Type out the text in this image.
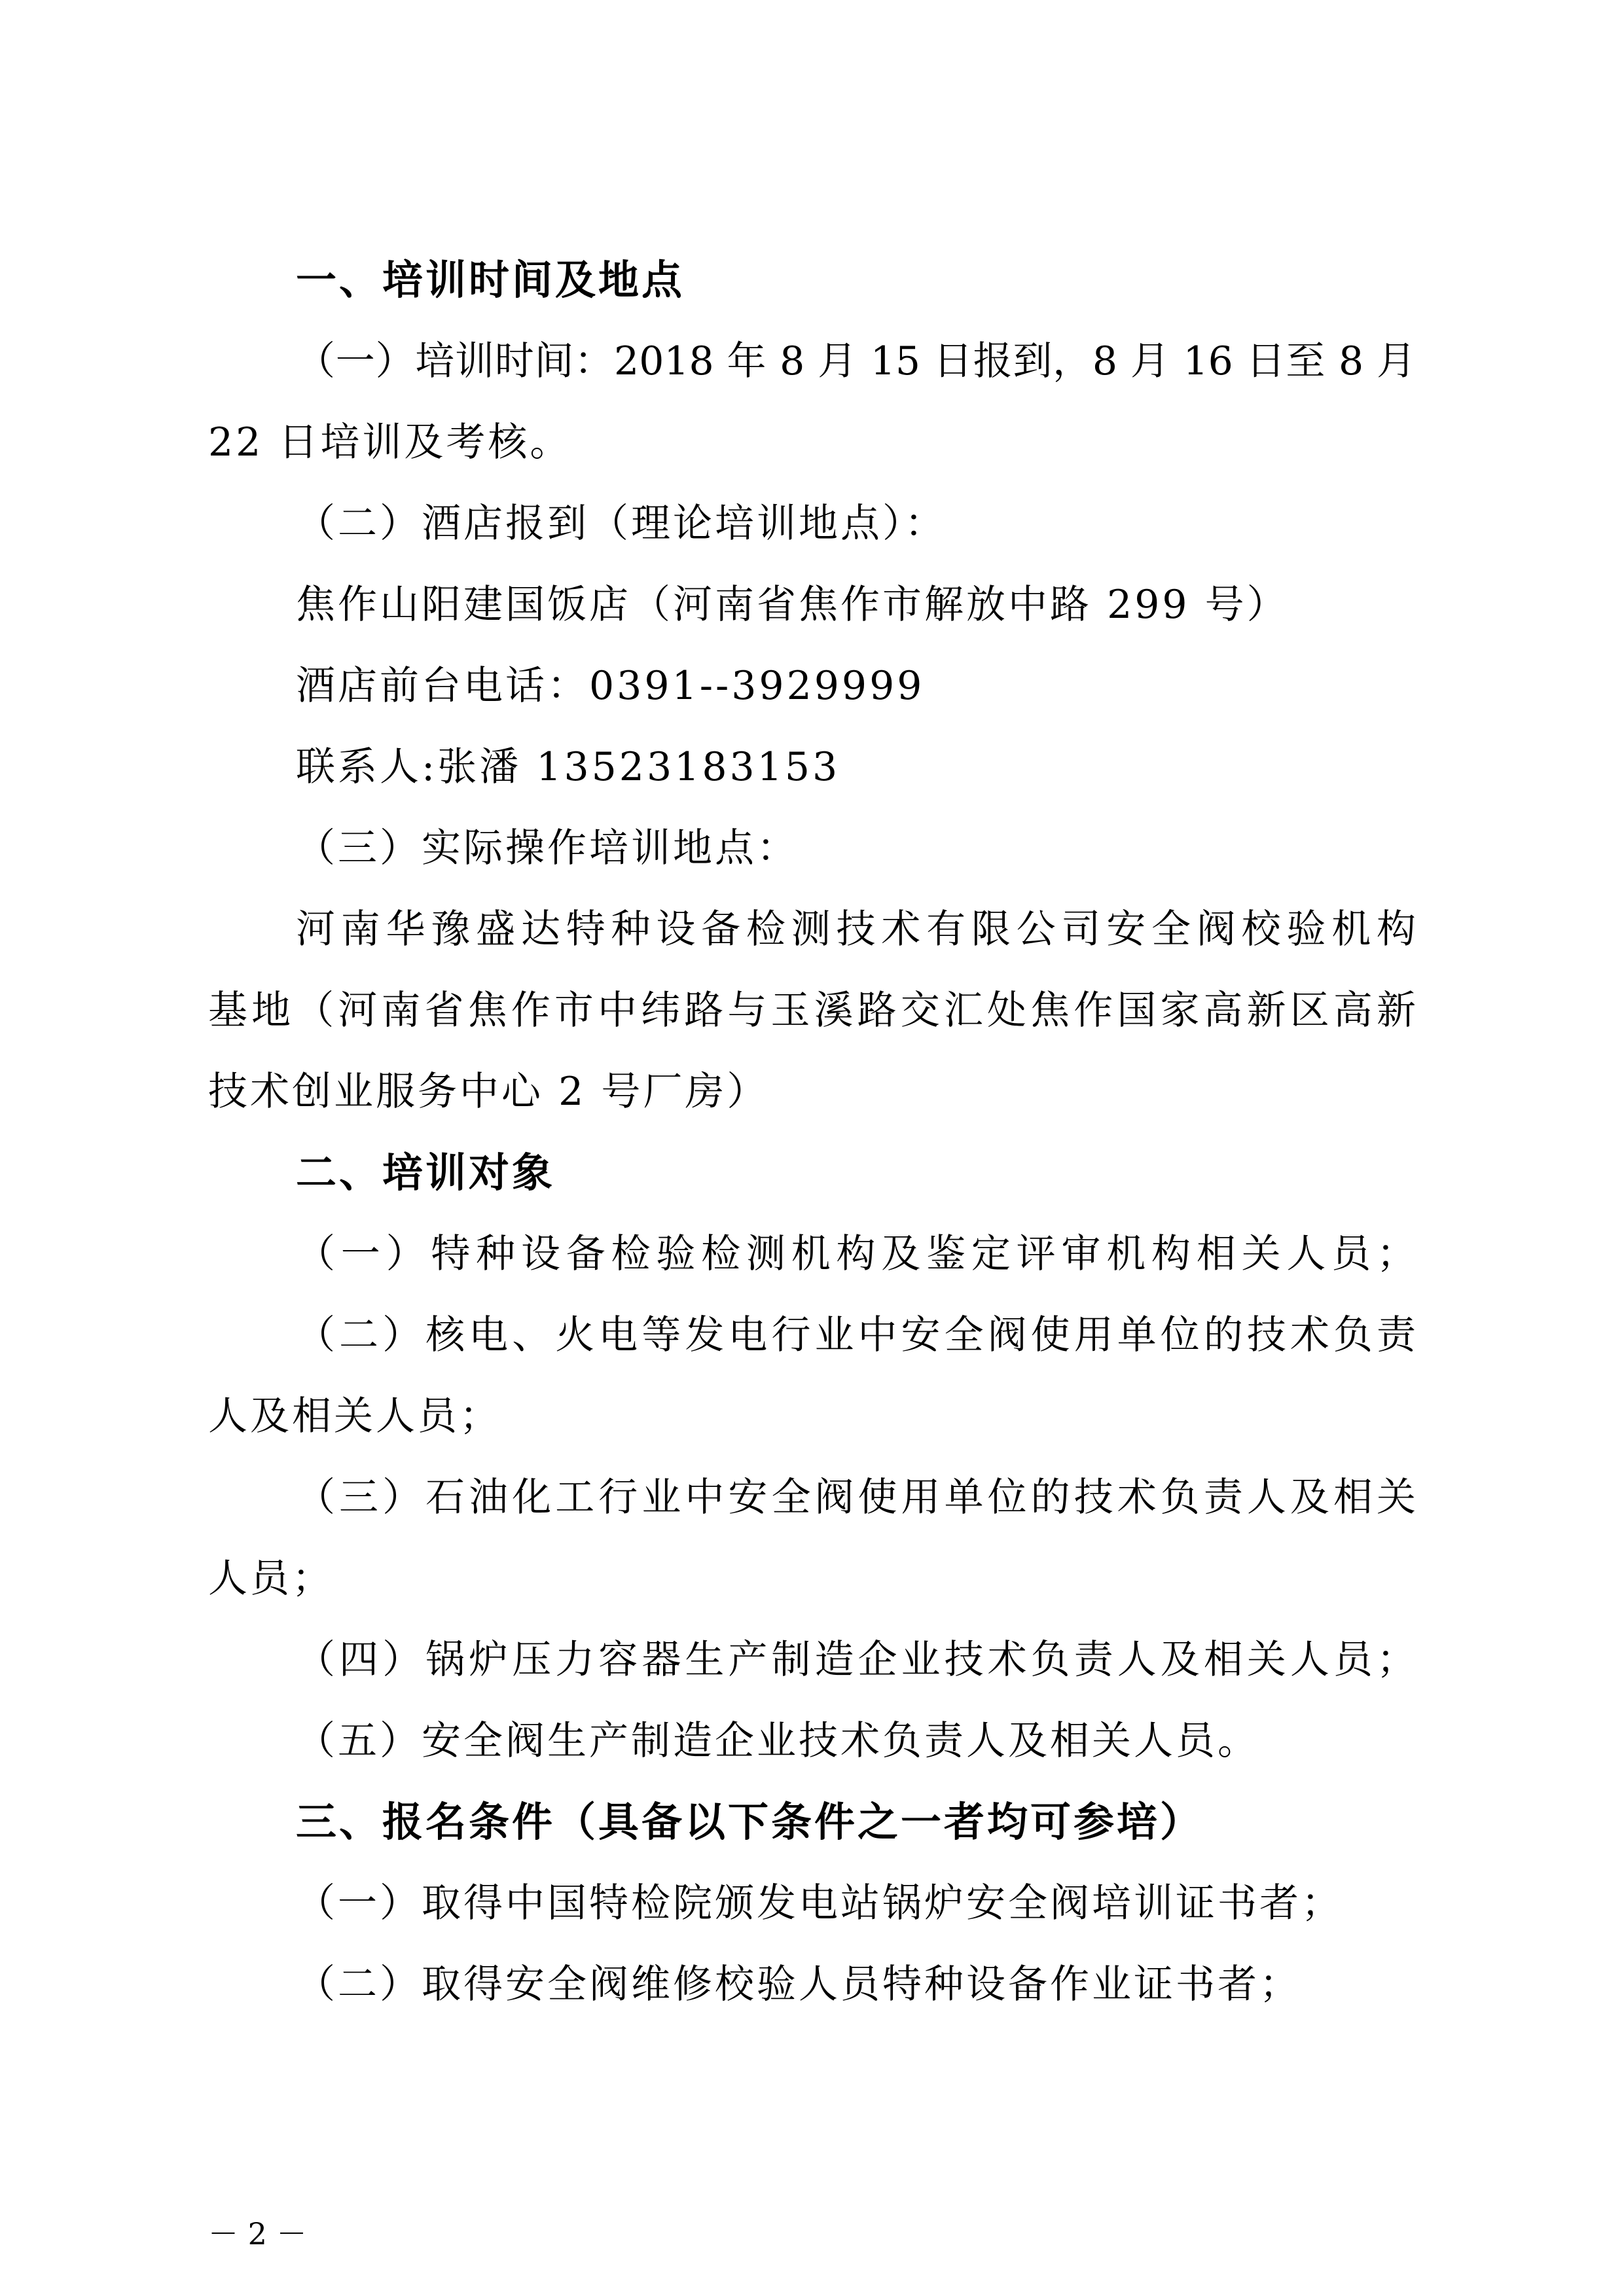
一、培训时间及地点
（一）培训时间：2018 年 8 月 15 日报到，8 月 16 日至 8 月
22 日培训及考核。
（二）酒店报到（理论培训地点）：
焦作山阳建国饭店（河南省焦作市解放中路 299 号）
酒店前台电话：0391--3929999
联系人:张潘 13523183153
（三）实际操作培训地点：
河南华豫盛达特种设备检测技术有限公司安全阀校验机构
基地（河南省焦作市中纬路与玉溪路交汇处焦作国家高新区高新
技术创业服务中心 2 号厂房）
二、培训对象
（一）特种设备检验检测机构及鉴定评审机构相关人员；
（二）核电、火电等发电行业中安全阀使用单位的技术负责
人及相关人员；
（三）石油化工行业中安全阀使用单位的技术负责人及相关
人员；
（四）锅炉压力容器生产制造企业技术负责人及相关人员；
（五）安全阀生产制造企业技术负责人及相关人员。
三、报名条件（具备以下条件之一者均可参培）
（一）取得中国特检院颁发电站锅炉安全阀培训证书者；
（二）取得安全阀维修校验人员特种设备作业证书者；
－ 2 －
